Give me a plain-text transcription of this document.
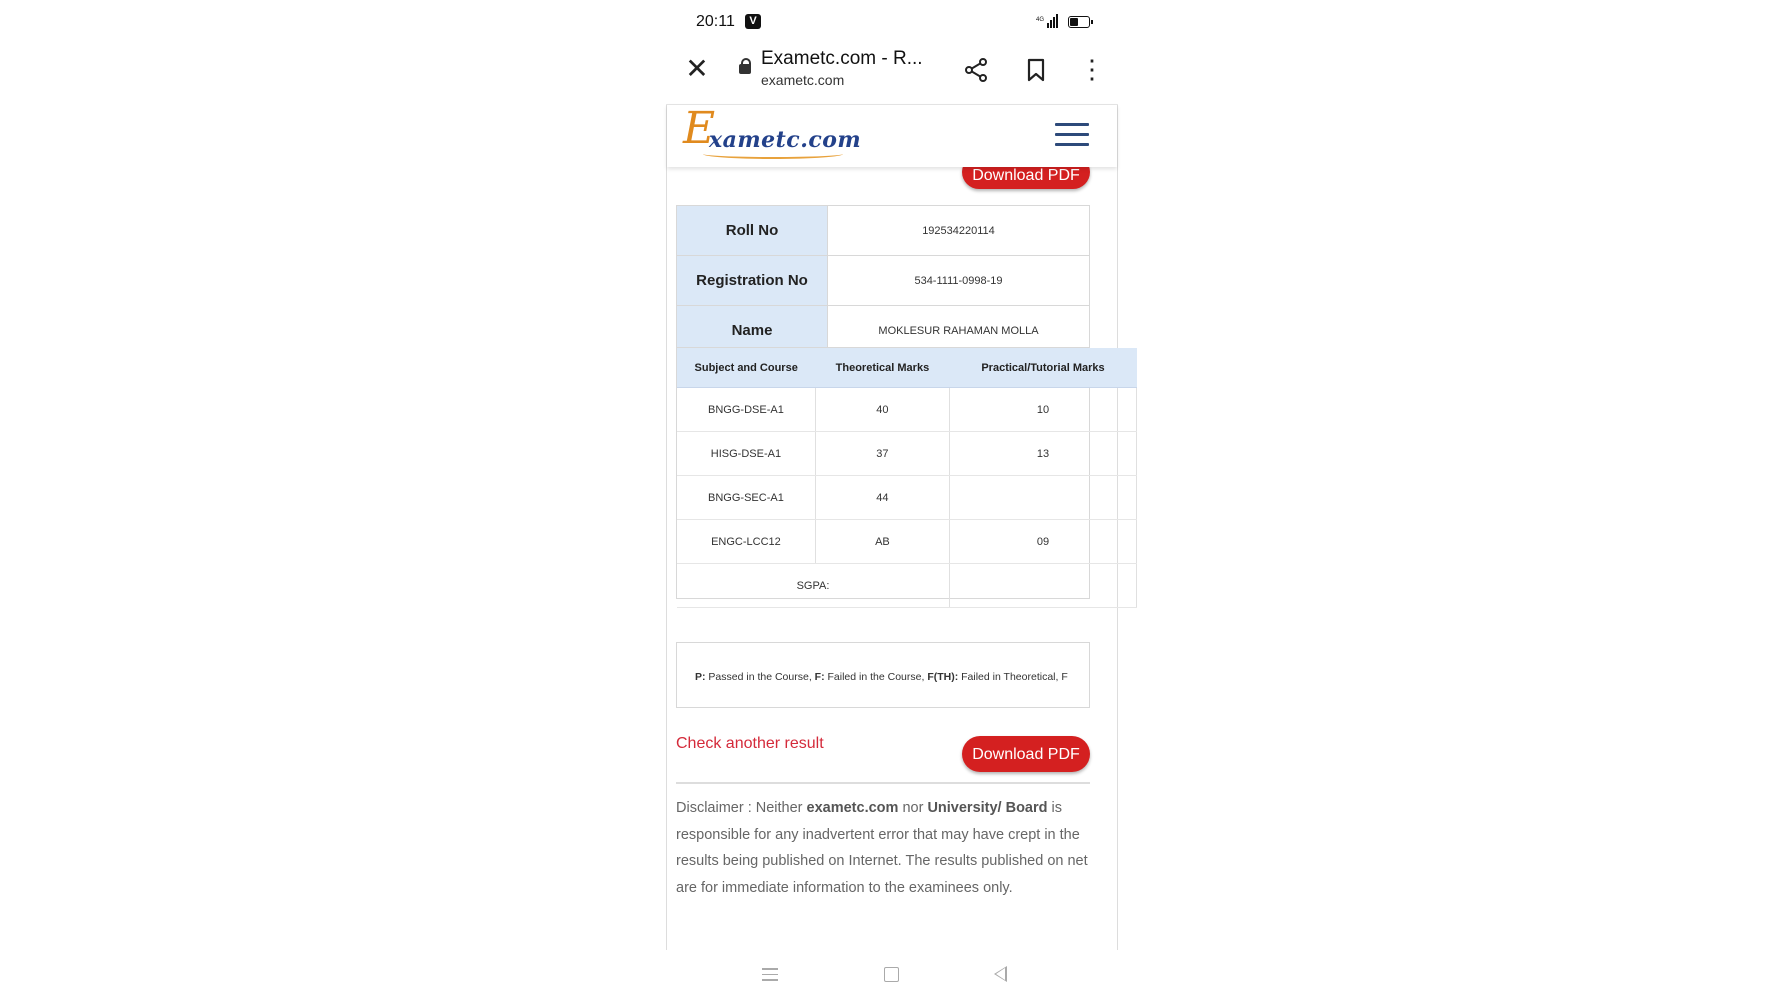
20:11	V	4G
✕	Exametc.com - R...
exametc.com	⋮
E
xametc.com
Download PDF
Roll No	192534220114
Registration No	534-1111-0998-19
Name	MOKLESUR RAHAMAN MOLLA
Subject and Course	Theoretical Marks	Practical/Tutorial Marks
BNGG-DSE-A1	40	10
HISG-DSE-A1	37	13
BNGG-SEC-A1	44	
ENGC-LCC12	AB	09
SGPA:		
P: Passed in the Course, F: Failed in the Course, F(TH): Failed in Theoretical, F
Check another result
Download PDF
Disclaimer : Neither exametc.com nor University/ Board is responsible for any inadvertent error that may have crept in the results being published on Internet. The results published on net are for immediate information to the examinees only.
